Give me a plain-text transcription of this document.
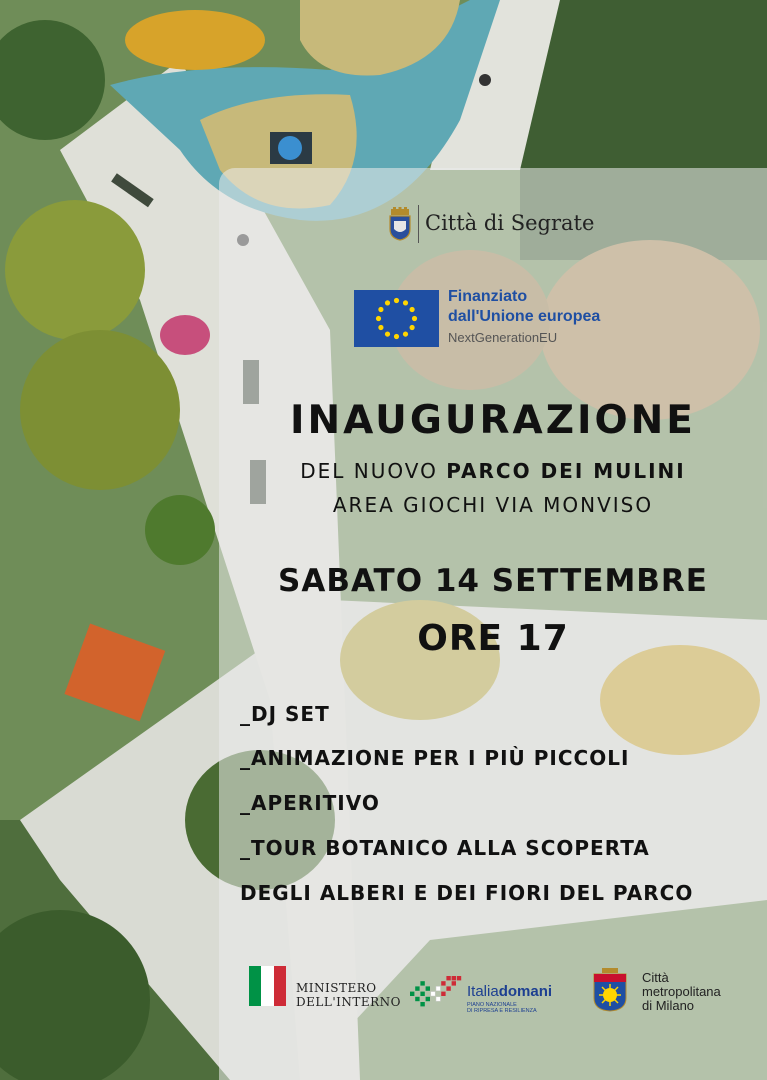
Città di Segrate
Finanziato
dall'Unione europea
NextGenerationEU
INAUGURAZIONE
DEL NUOVO PARCO DEI MULINI
AREA GIOCHI VIA MONVISO
SABATO 14 SETTEMBRE
ORE 17
_DJ SET
_ANIMAZIONE PER I PIÙ PICCOLI
_APERITIVO
_TOUR BOTANICO ALLA SCOPERTA
DEGLI ALBERI E DEI FIORI DEL PARCO
MINISTERO
DELL'INTERNO
Italiadomani
PIANO NAZIONALE
DI RIPRESA E RESILIENZA
Città
metropolitana
di Milano
